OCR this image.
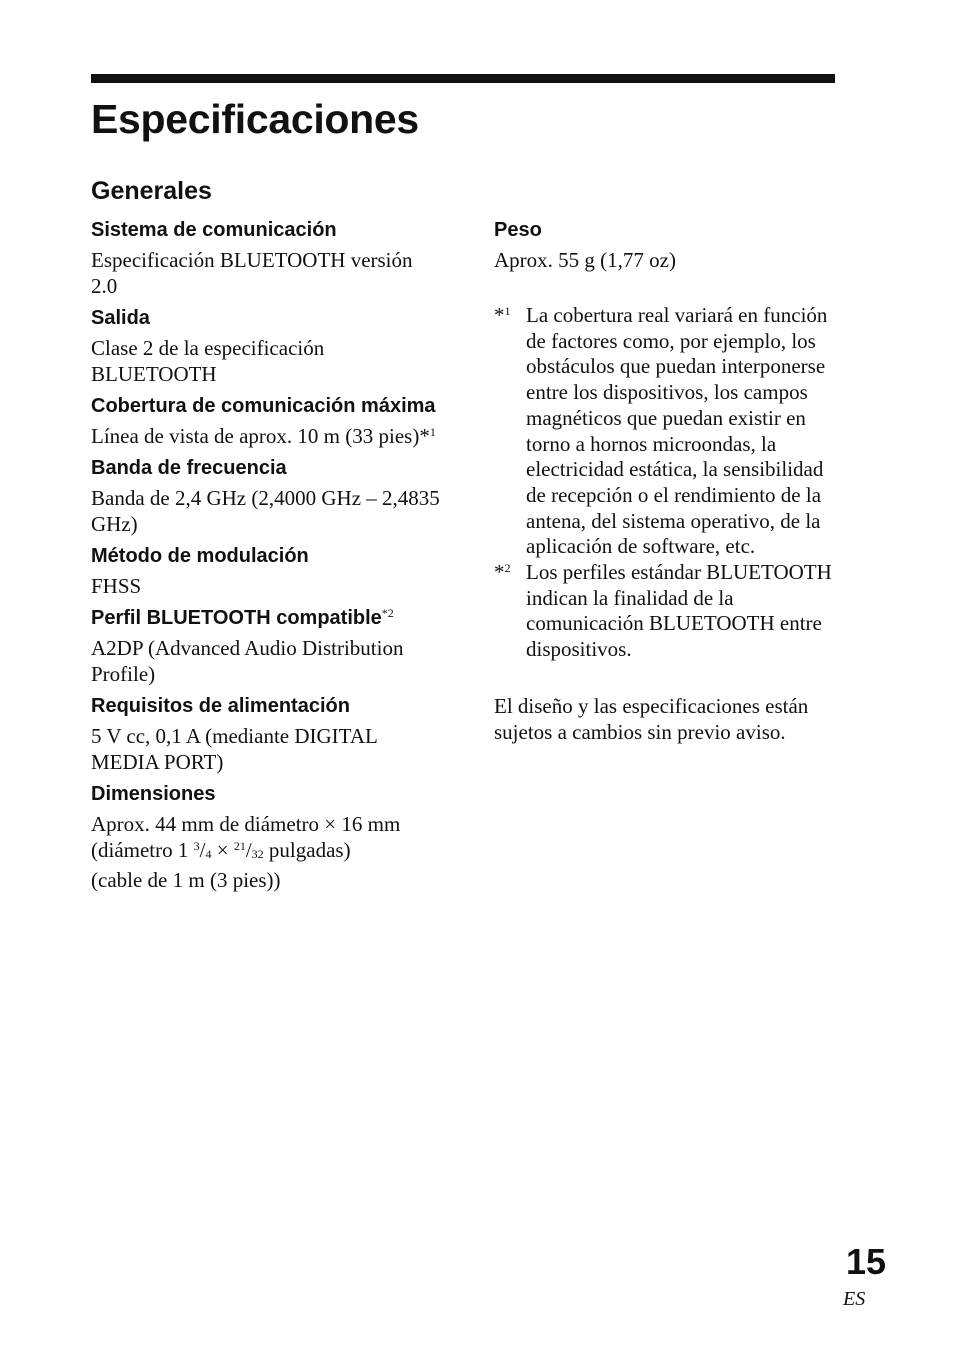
Especificaciones
Generales

Sistema de comunicación

Especificación BLUETOOTH versión 2.0

Salida

Clase 2 de la especificación BLUETOOTH

Cobertura de comunicación máxima

Línea de vista de aprox. 10 m (33 pies)*$^1$

Banda de frecuencia

Banda de 2,4 GHz (2,4000 GHz – 2,4835 GHz)

Método de modulación

FHSS

Perfil BLUETOOTH compatible$^{*2}$

A2DP (Advanced Audio Distribution Profile)

Requisitos de alimentación

5 V cc, 0,1 A (mediante DIGITAL MEDIA PORT)

Dimensiones

Aprox. 44 mm de diámetro × 16 mm (diámetro 1 $^3$/4 × $^{21}$/32 pulgadas)

(cable de 1 m (3 pies))

Peso

Aprox. 55 g (1,77 oz)

*$^1$ La cobertura real variará en función de factores como, por ejemplo, los obstáculos que puedan interponerse entre los dispositivos, los campos magnéticos que puedan existir en torno a hornos microondas, la electricidad estática, la sensibilidad de recepción o el rendimiento de la antena, del sistema operativo, de la aplicación de software, etc.
*$^2$ Los perfiles estándar BLUETOOTH indican la finalidad de la comunicación BLUETOOTH entre dispositivos.

El diseño y las especificaciones están sujetos a cambios sin previo aviso.

15

ES
